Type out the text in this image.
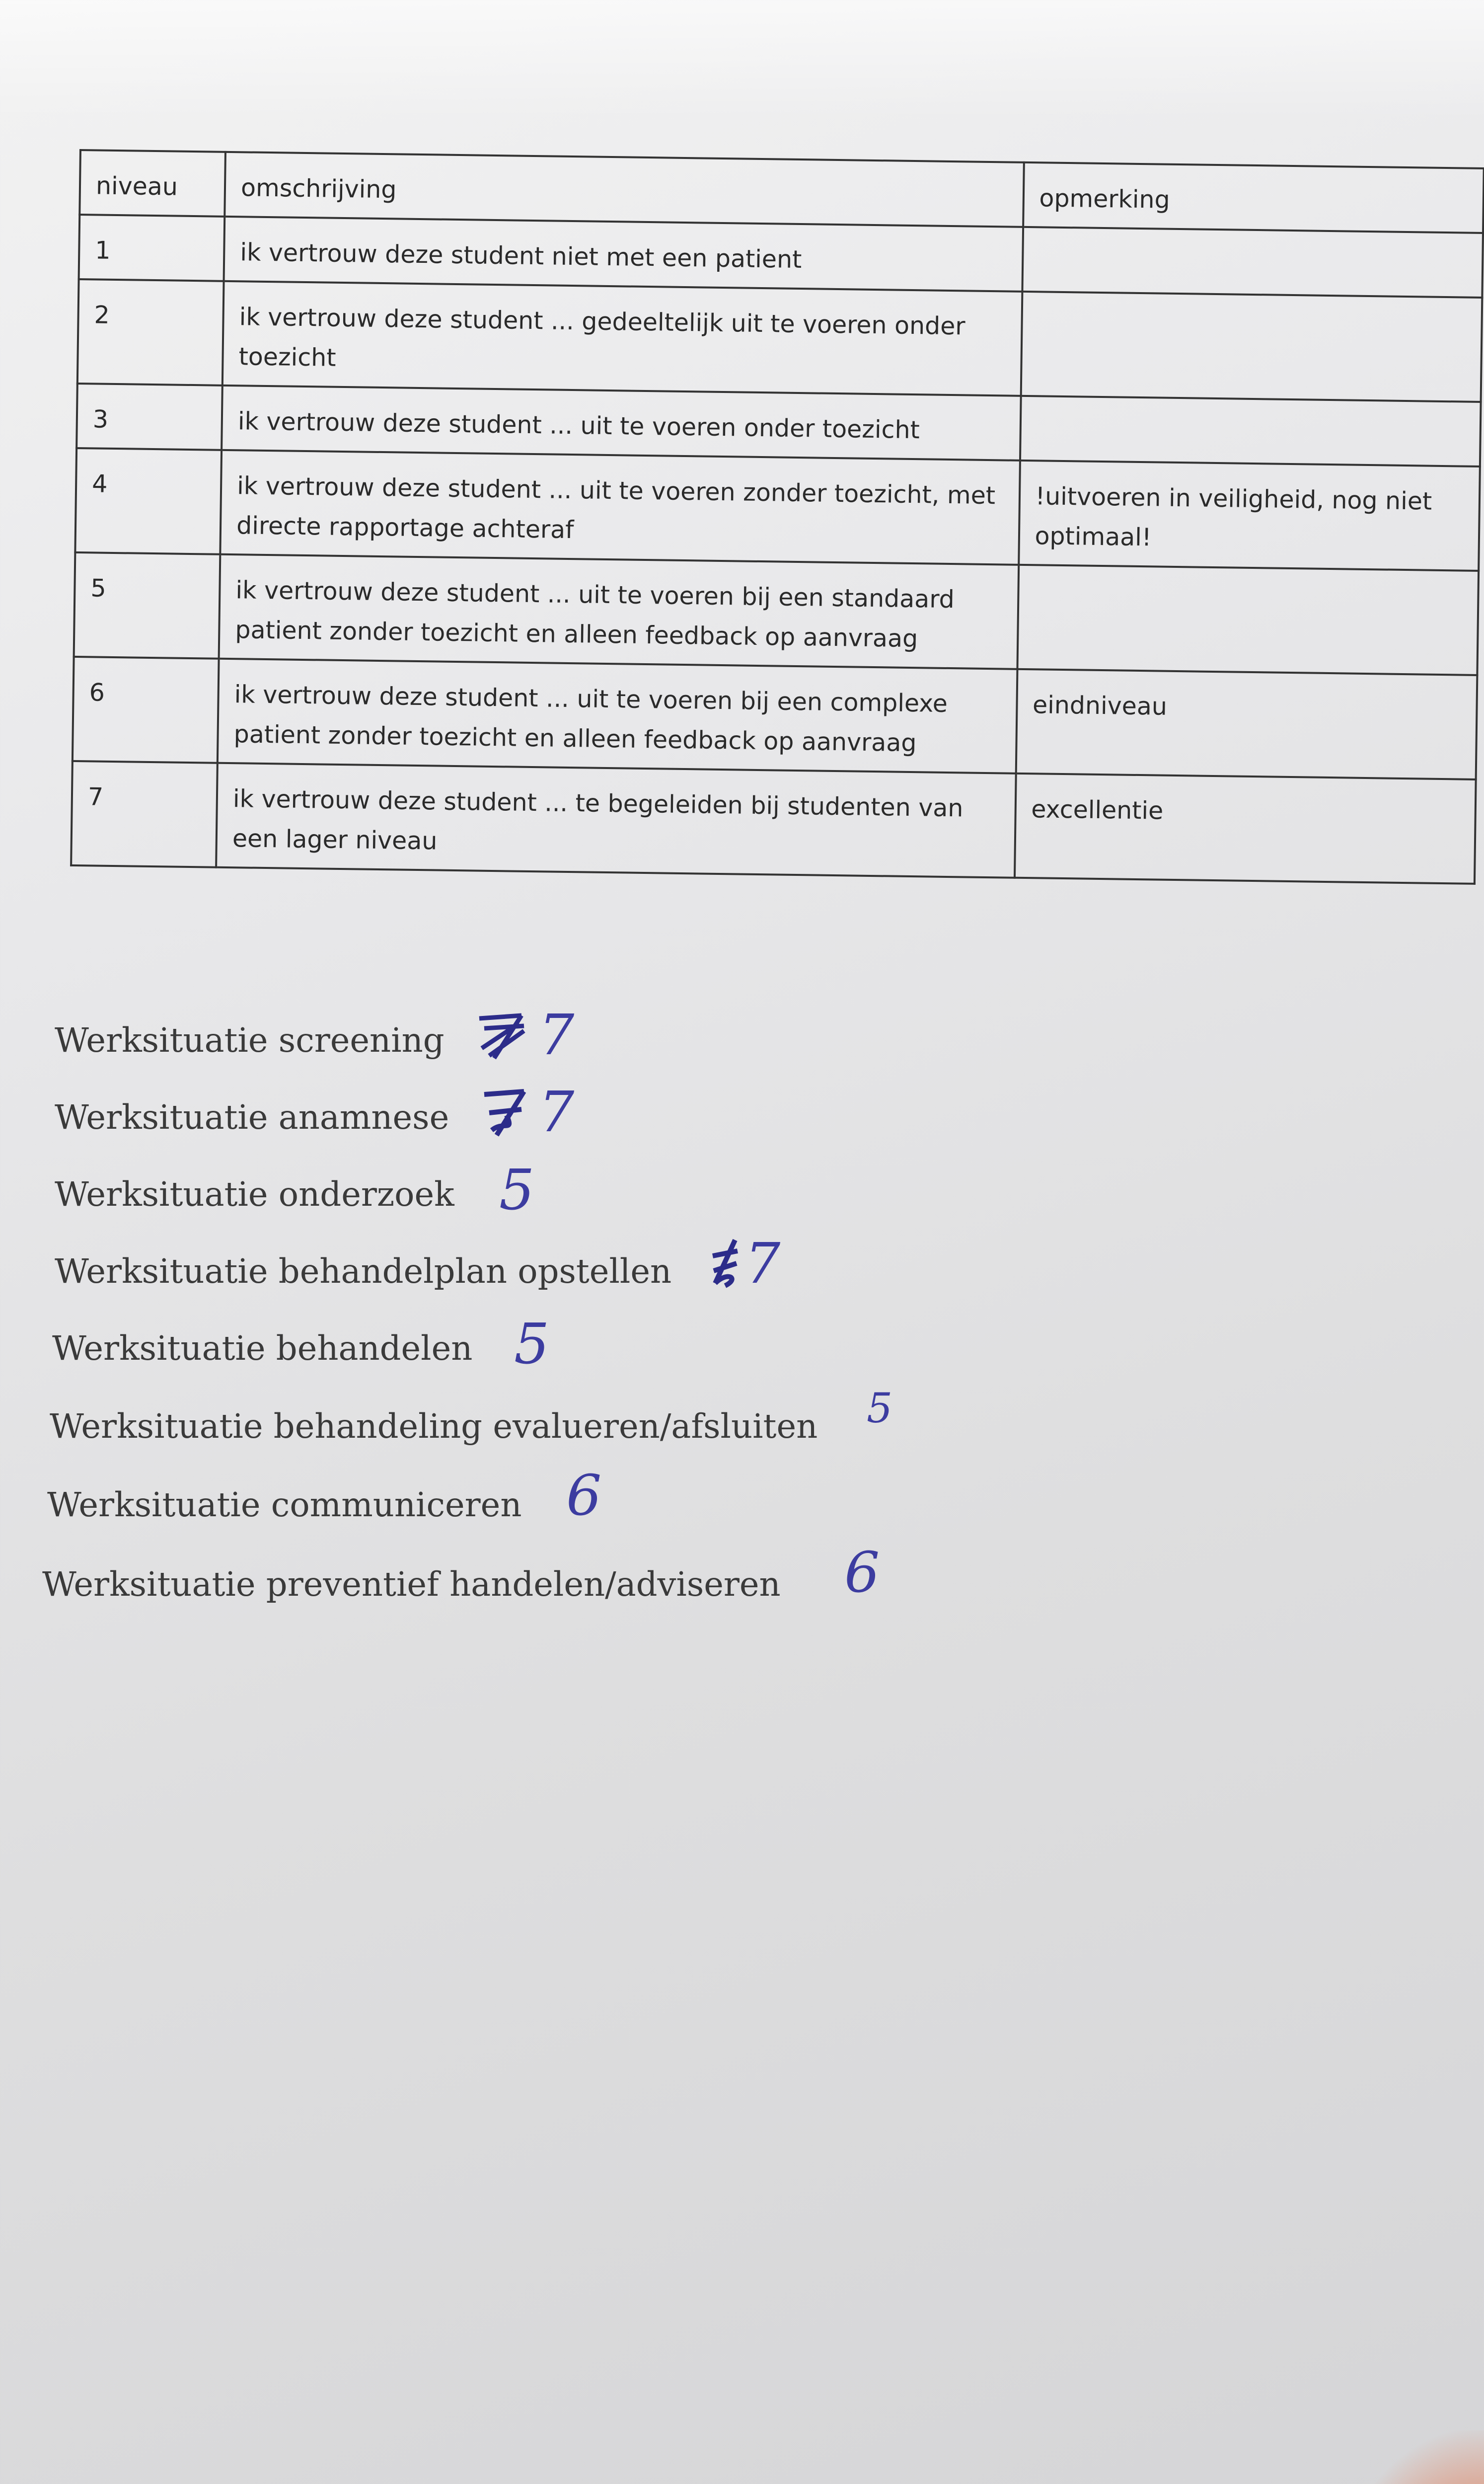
niveau	omschrijving	opmerking
1	ik vertrouw deze student niet met een patient	
2	ik vertrouw deze student ... gedeeltelijk uit te voeren onder toezicht	
3	ik vertrouw deze student ... uit te voeren onder toezicht	
4	ik vertrouw deze student ... uit te voeren zonder toezicht, met directe rapportage achteraf	!uitvoeren in veiligheid, nog niet optimaal!
5	ik vertrouw deze student ... uit te voeren bij een standaard patient zonder toezicht en alleen feedback op aanvraag	
6	ik vertrouw deze student ... uit te voeren bij een complexe patient zonder toezicht en alleen feedback op aanvraag	eindniveau
7	ik vertrouw deze student ... te begeleiden bij studenten van een lager niveau	excellentie
Werksituatie screening 7
Werksituatie anamnese 7
Werksituatie onderzoek 5
Werksituatie behandelplan opstellen 7
Werksituatie behandelen 5
Werksituatie behandeling evalueren/afsluiten 5
Werksituatie communiceren 6
Werksituatie preventief handelen/adviseren 6
